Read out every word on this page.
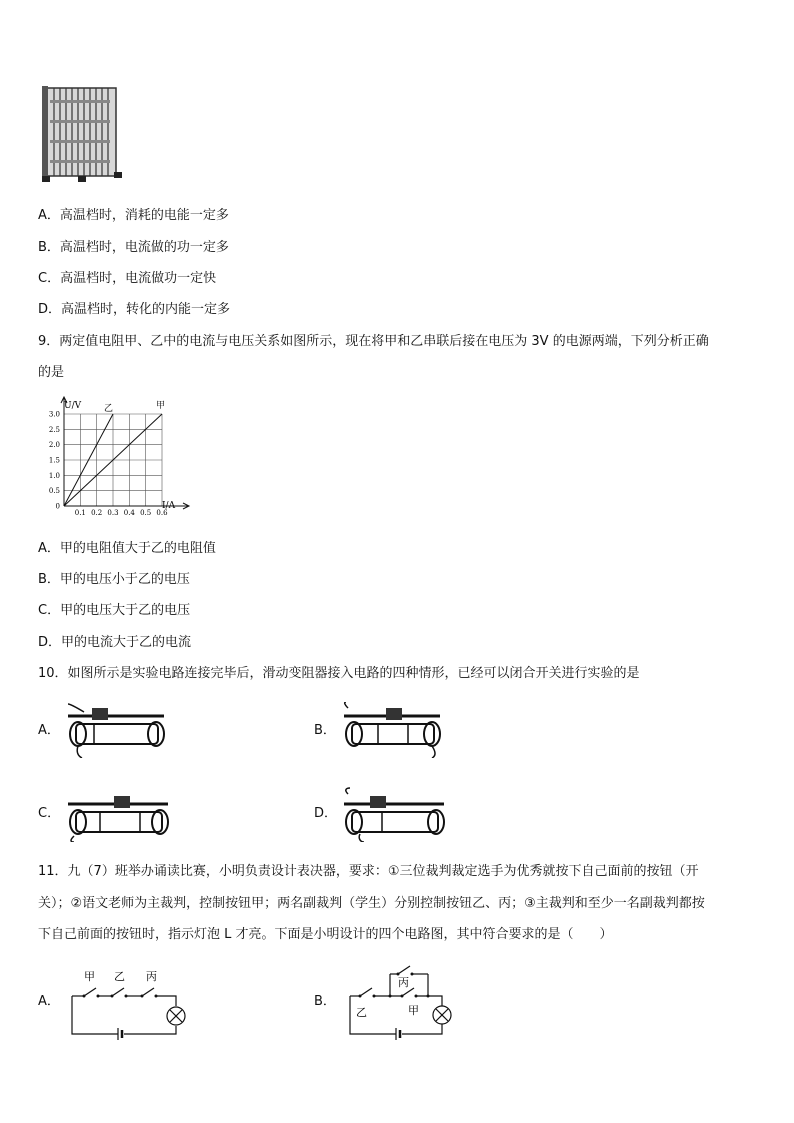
A．高温档时，消耗的电能一定多
B．高温档时，电流做的功一定多
C．高温档时，电流做功一定快
D．高温档时，转化的内能一定多
9．两定值电阻甲、乙中的电流与电压关系如图所示，现在将甲和乙串联后接在电压为 3V 的电源两端，下列分析正确
的是
0
0.5
1.0
1.5
2.0
2.5
3.0
0.1 0.2 0.3 0.4 0.5 0.6
U/V
I/A
乙	甲
A．甲的电阻值大于乙的电阻值
B．甲的电压小于乙的电压
C．甲的电压大于乙的电压
D．甲的电流大于乙的电流
10．如图所示是实验电路连接完毕后，滑动变阻器接入电路的四种情形，已经可以闭合开关进行实验的是
A．	B．
C．	D．
11．九（7）班举办诵读比赛，小明负责设计表决器，要求：①三位裁判裁定选手为优秀就按下自己面前的按钮（开
关）；②语文老师为主裁判，控制按钮甲；两名副裁判（学生）分别控制按钮乙、丙；③主裁判和至少一名副裁判都按
下自己前面的按钮时，指示灯泡 L 才亮。下面是小明设计的四个电路图，其中符合要求的是（　　）
A．	B．
甲 乙 丙	丙
乙	甲
